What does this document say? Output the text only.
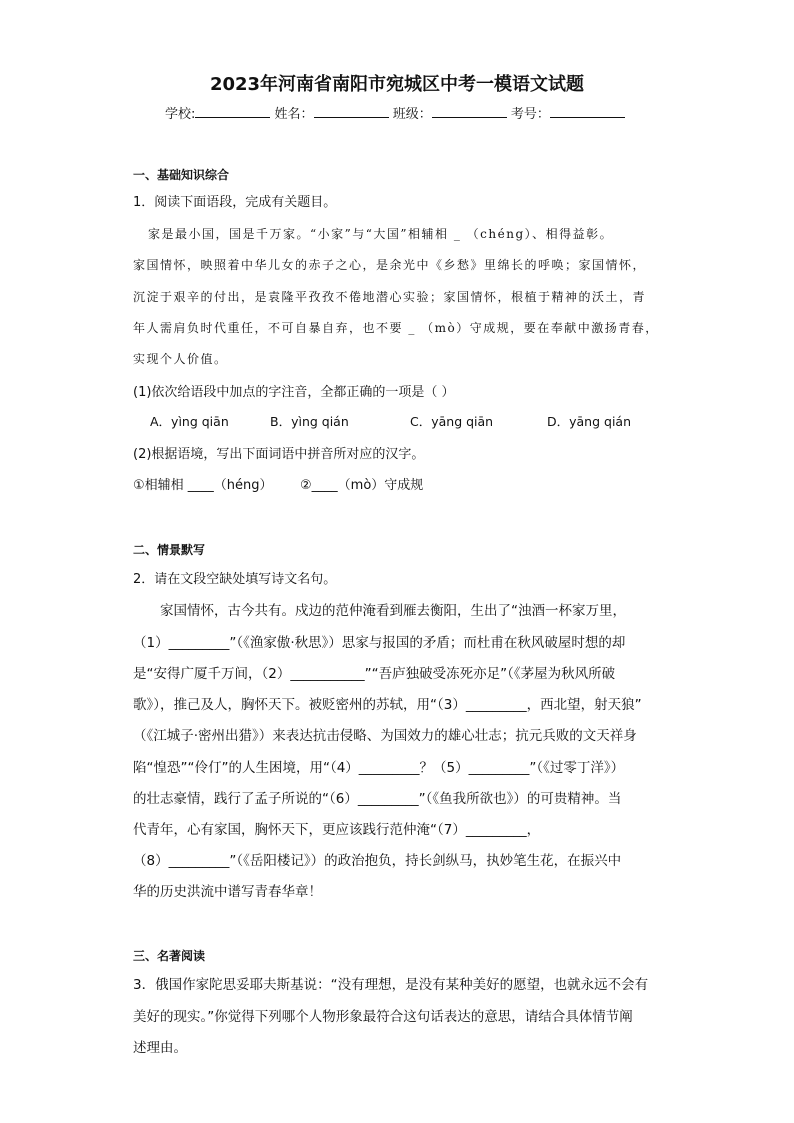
2023年河南省南阳市宛城区中考一模语文试题
学校:	姓名：	班级：	考号：
一、基础知识综合
1．阅读下面语段，完成有关题目。
家是最小国，国是千万家。“小家”与“大国”相辅相 _ （chéng）、相得益彰。
家国情怀，映照着中华儿女的赤子之心，是余光中《乡愁》里绵长的呼唤；家国情怀，
沉淀于艰辛的付出，是袁隆平孜孜不倦地潜心实验；家国情怀，根植于精神的沃土，青
年人需肩负时代重任，不可自暴自弃，也不要 _ （mò）守成规，要在奉献中激扬青春，
实现个人价值。
(1)依次给语段中加点的字注音，全都正确的一项是（ ）
A．yìng qiān	B．yìng qián	C．yāng qiān	D．yāng qián
(2)根据语境，写出下面词语中拼音所对应的汉字。
①相辅相 ____（héng） ②____（mò）守成规
二、情景默写
2．请在文段空缺处填写诗文名句。
家国情怀，古今共有。戍边的范仲淹看到雁去衡阳，生出了“浊酒一杯家万里，
（1）_________”（《渔家傲·秋思》）思家与报国的矛盾；而杜甫在秋风破屋时想的却
是“安得广厦千万间，（2）___________”“吾庐独破受冻死亦足”（《茅屋为秋风所破
歌》），推己及人，胸怀天下。被贬密州的苏轼，用“（3）_________，西北望，射天狼”
（《江城子·密州出猎》）来表达抗击侵略、为国效力的雄心壮志；抗元兵败的文天祥身
陷“惶恐”“伶仃”的人生困境，用“（4）_________？（5）_________”（《过零丁洋》）
的壮志豪情，践行了孟子所说的“（6）_________”（《鱼我所欲也》）的可贵精神。当
代青年，心有家国，胸怀天下，更应该践行范仲淹“（7）_________，
（8）_________”（《岳阳楼记》）的政治抱负，持长剑纵马，执妙笔生花，在振兴中
华的历史洪流中谱写青春华章！
三、名著阅读
3．俄国作家陀思妥耶夫斯基说：“没有理想，是没有某种美好的愿望，也就永远不会有
美好的现实。”你觉得下列哪个人物形象最符合这句话表达的意思，请结合具体情节阐
述理由。
